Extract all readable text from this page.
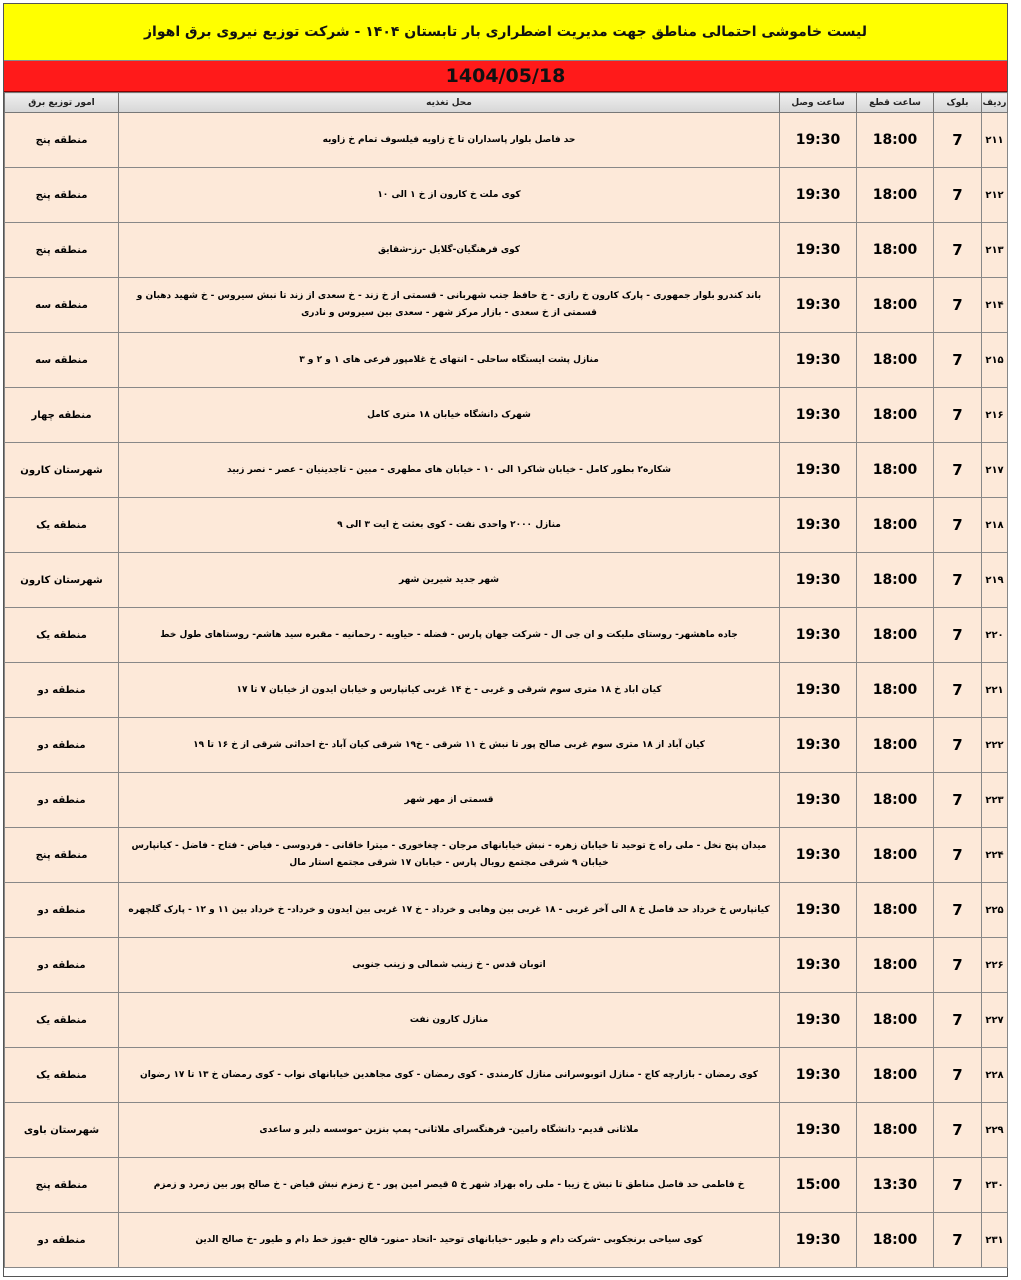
لیست خاموشی احتمالی مناطق جهت مدیریت اضطراری بار تابستان ۱۴۰۴ - شرکت توزیع نیروی برق اهواز
1404/05/18
ردیف	بلوک	ساعت قطع	ساعت وصل	محل تغذیه	امور توزیع برق
۲۱۱	7	18:00	19:30	حد فاصل بلوار پاسداران تا خ زاویه فیلسوف تمام خ زاویه	منطقه پنج
۲۱۲	7	18:00	19:30	کوی ملت خ کارون از خ ۱ الی ۱۰	منطقه پنج
۲۱۳	7	18:00	19:30	کوی فرهنگیان-گلایل -رز-شقایق	منطقه پنج
۲۱۴	7	18:00	19:30	باند کندرو بلوار جمهوری - پارک کارون خ رازی - خ حافظ جنب شهربانی - قسمتی از خ زند - خ سعدی از زند تا نبش سیروس - خ شهید دهبان و قسمتی از خ سعدی - بازار مرکز شهر - سعدی بین سیروس و نادری	منطقه سه
۲۱۵	7	18:00	19:30	منازل پشت ایستگاه ساحلی - انتهای خ غلامپور فرعی های ۱ و ۲ و ۳	منطقه سه
۲۱۶	7	18:00	19:30	شهرک دانشگاه خیابان ۱۸ متری کامل	منطقه چهار
۲۱۷	7	18:00	19:30	شکاره۲ بطور کامل - خیابان شاکر۱ الی ۱۰ - خیابان های مطهری - مبین - تاجدینیان - عصر - نصر زبید	شهرستان کارون
۲۱۸	7	18:00	19:30	منازل ۲۰۰۰ واحدی نفت - کوی بعثت خ ایت ۳ الی ۹	منطقه یک
۲۱۹	7	18:00	19:30	شهر جدید شیرین شهر	شهرستان کارون
۲۲۰	7	18:00	19:30	جاده ماهشهر- روستای ملیکت و ان جی ال - شرکت جهان پارس - فضله - حیاویه - رحمانیه - مقبره سید هاشم- روستاهای طول خط	منطقه یک
۲۲۱	7	18:00	19:30	کیان اباد خ ۱۸ متری سوم شرقی و غربی - خ ۱۴ غربی کیانپارس و خیابان ایدون از خیابان ۷ تا ۱۷	منطقه دو
۲۲۲	7	18:00	19:30	کیان آباد از ۱۸ متری سوم غربی صالح پور تا نبش خ ۱۱ شرقی - خ۱۹ شرقی کیان آباد -خ احداثی شرقی از خ ۱۶ تا ۱۹	منطقه دو
۲۲۳	7	18:00	19:30	قسمتی از مهر شهر	منطقه دو
۲۲۴	7	18:00	19:30	میدان پنج نخل - ملی راه خ توحید تا خیابان زهره - نبش خیابانهای مرجان - چغاخوری - میترا خاقانی - فردوسی - فیاض - فتاح - فاضل - کیانپارس خیابان ۹ شرقی مجتمع رویال پارس - خیابان ۱۷ شرقی مجتمع استار مال	منطقه پنج
۲۲۵	7	18:00	19:30	کیانپارس خ خرداد حد فاصل خ ۸ الی آخر غربی - ۱۸ غربی بین وهابی و خرداد - خ ۱۷ غربی بین ایدون و خرداد- خ خرداد بین ۱۱ و ۱۲ - پارک گلچهره	منطقه دو
۲۲۶	7	18:00	19:30	اتوبان قدس - خ زینب شمالی و زینب جنوبی	منطقه دو
۲۲۷	7	18:00	19:30	منازل کارون نفت	منطقه یک
۲۲۸	7	18:00	19:30	کوی رمضان - بازارچه کاج - منازل اتوبوسرانی منازل کارمندی - کوی رمضان - کوی مجاهدین خیابانهای نواب - کوی رمضان خ ۱۳ تا ۱۷ رضوان	منطقه یک
۲۲۹	7	18:00	19:30	ملاثانی قدیم- دانشگاه رامین- فرهنگسرای ملاثانی- پمپ بنزین -موسسه دلبر و ساعدی	شهرستان باوی
۲۳۰	7	13:30	15:00	خ فاطمی حد فاصل مناطق تا نبش خ زیبا - ملی راه بهزاد شهر خ ۵ قیصر امین پور - خ زمزم نبش فیاض - خ صالح پور بین زمرد و زمزم	منطقه پنج
۲۳۱	7	18:00	19:30	کوی سیاحی برنجکوبی -شرکت دام و طیور -خیابانهای توحید -اتحاد -منور- فالح -فیوز خط دام و طیور -خ صالح الدین	منطقه دو
